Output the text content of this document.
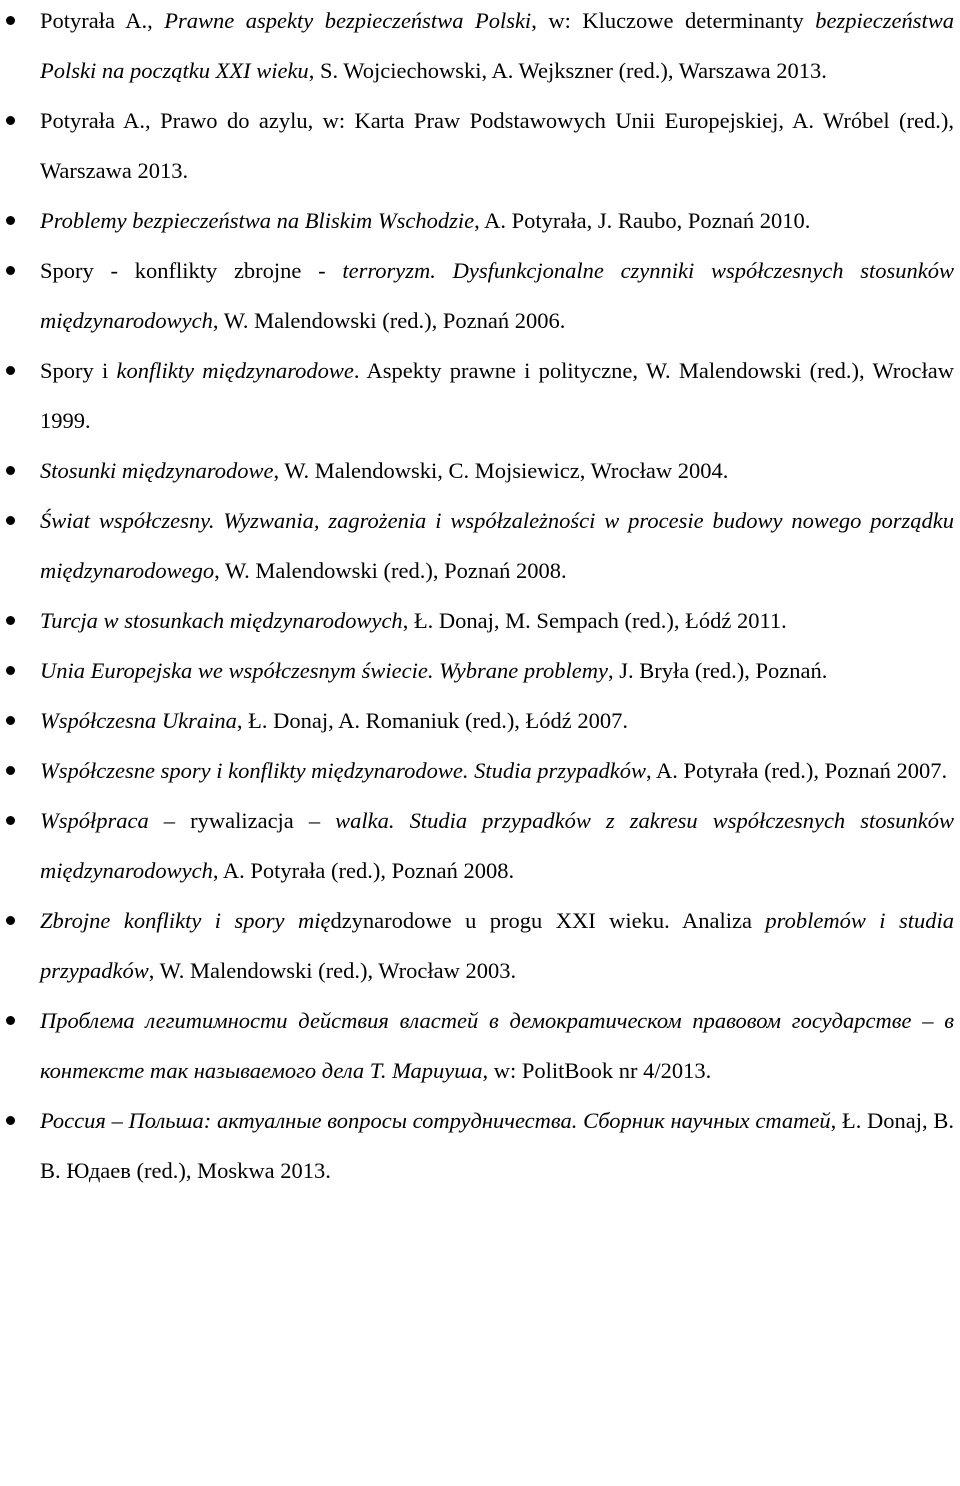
Potyrała A., Prawne aspekty bezpieczeństwa Polski, w: Kluczowe determinanty bezpieczeństwa Polski na początku XXI wieku, S. Wojciechowski, A. Wejkszner (red.), Warszawa 2013.
Potyrała A., Prawo do azylu, w: Karta Praw Podstawowych Unii Europejskiej, A. Wróbel (red.), Warszawa 2013.
Problemy bezpieczeństwa na Bliskim Wschodzie, A. Potyrała, J. Raubo, Poznań 2010.
Spory - konflikty zbrojne - terroryzm. Dysfunkcjonalne czynniki współczesnych stosunków międzynarodowych, W. Malendowski (red.), Poznań 2006.
Spory i konflikty międzynarodowe. Aspekty prawne i polityczne, W. Malendowski (red.), Wrocław 1999.
Stosunki międzynarodowe, W. Malendowski, C. Mojsiewicz, Wrocław 2004.
Świat współczesny. Wyzwania, zagrożenia i współzależności w procesie budowy nowego porządku międzynarodowego, W. Malendowski (red.), Poznań 2008.
Turcja w stosunkach międzynarodowych, Ł. Donaj, M. Sempach (red.), Łódź 2011.
Unia Europejska we współczesnym świecie. Wybrane problemy, J. Bryła (red.), Poznań.
Współczesna Ukraina, Ł. Donaj, A. Romaniuk (red.), Łódź 2007.
Współczesne spory i konflikty międzynarodowe. Studia przypadków, A. Potyrała (red.), Poznań 2007.
Współpraca – rywalizacja – walka. Studia przypadków z zakresu współczesnych stosunków międzynarodowych, A. Potyrała (red.), Poznań 2008.
Zbrojne konflikty i spory międzynarodowe u progu XXI wieku. Analiza problemów i studia przypadków, W. Malendowski (red.), Wrocław 2003.
Проблема легитимности действия властей в демократическом правовом государстве – в контексте так называемого дела Т. Мариуша, w: PolitBook nr 4/2013.
Россия – Польша: актуалные вопросы сотрудничества. Сборник научных статей, Ł. Donaj, B. B. Юдаев (red.), Moskwa 2013.
